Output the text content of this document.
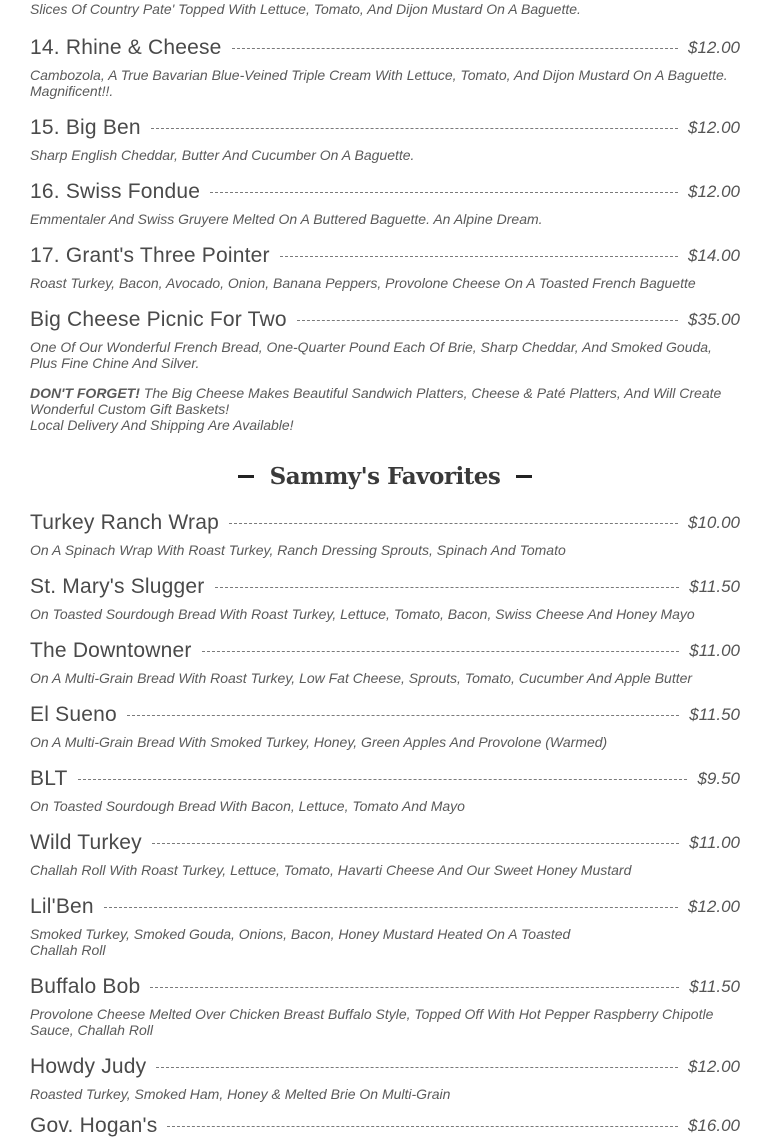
Slices Of Country Pate' Topped With Lettuce, Tomato, And Dijon Mustard On A Baguette.

14. Rhine & Cheese	$12.00

Cambozola, A True Bavarian Blue-Veined Triple Cream With Lettuce, Tomato, And Dijon Mustard On A Baguette. Magnificent!!.

15. Big Ben	$12.00

Sharp English Cheddar, Butter And Cucumber On A Baguette.

16. Swiss Fondue	$12.00

Emmentaler And Swiss Gruyere Melted On A Buttered Baguette. An Alpine Dream.

17. Grant's Three Pointer	$14.00

Roast Turkey, Bacon, Avocado, Onion, Banana Peppers, Provolone Cheese On A Toasted French Baguette

Big Cheese Picnic For Two	$35.00

One Of Our Wonderful French Bread, One-Quarter Pound Each Of Brie, Sharp Cheddar, And Smoked Gouda, Plus Fine Chine And Silver.

DON'T FORGET! The Big Cheese Makes Beautiful Sandwich Platters, Cheese & Paté Platters, And Will Create Wonderful Custom Gift Baskets!

Local Delivery And Shipping Are Available!

Sammy's Favorites
Turkey Ranch Wrap	$10.00

On A Spinach Wrap With Roast Turkey, Ranch Dressing Sprouts, Spinach And Tomato

St. Mary's Slugger	$11.50

On Toasted Sourdough Bread With Roast Turkey, Lettuce, Tomato, Bacon, Swiss Cheese And Honey Mayo

The Downtowner	$11.00

On A Multi-Grain Bread With Roast Turkey, Low Fat Cheese, Sprouts, Tomato, Cucumber And Apple Butter

El Sueno	$11.50

On A Multi-Grain Bread With Smoked Turkey, Honey, Green Apples And Provolone (Warmed)

BLT	$9.50

On Toasted Sourdough Bread With Bacon, Lettuce, Tomato And Mayo

Wild Turkey	$11.00

Challah Roll With Roast Turkey, Lettuce, Tomato, Havarti Cheese And Our Sweet Honey Mustard

Lil'Ben	$12.00

Smoked Turkey, Smoked Gouda, Onions, Bacon, Honey Mustard Heated On A Toasted Challah Roll

Buffalo Bob	$11.50

Provolone Cheese Melted Over Chicken Breast Buffalo Style, Topped Off With Hot Pepper Raspberry Chipotle Sauce, Challah Roll

Howdy Judy	$12.00

Roasted Turkey, Smoked Ham, Honey & Melted Brie On Multi-Grain

Gov. Hogan's	$16.00
